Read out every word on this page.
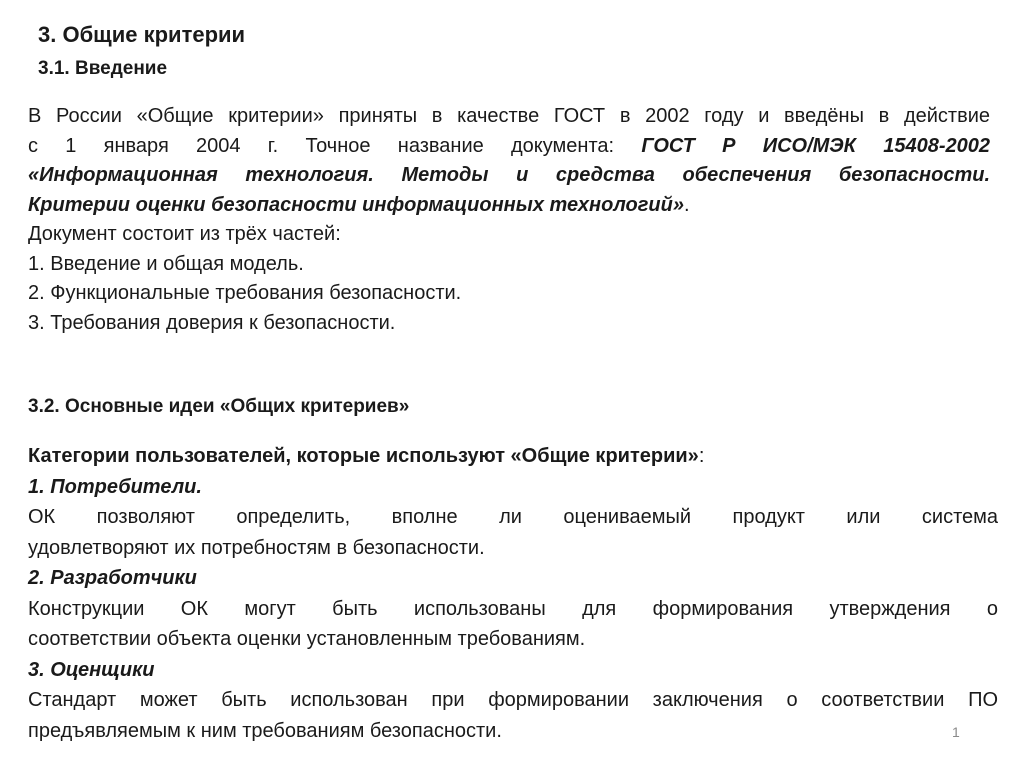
3. Общие критерии
3.1. Введение
В России «Общие критерии» приняты в качестве ГОСТ в 2002 году и введёны в действие
с 1 января 2004 г. Точное название документа: ГОСТ Р ИСО/МЭК 15408-2002
«Информационная технология. Методы и средства обеспечения безопасности.
Критерии оценки безопасности информационных технологий».
Документ состоит из трёх частей:
1. Введение и общая модель.
2. Функциональные требования безопасности.
3. Требования доверия к безопасности.
3.2. Основные идеи «Общих критериев»
Категории пользователей, которые используют «Общие критерии»:
1. Потребители.
ОК позволяют определить, вполне ли оцениваемый продукт или система
удовлетворяют их потребностям в безопасности.
2. Разработчики
Конструкции ОК могут быть использованы для формирования утверждения о
соответствии объекта оценки установленным требованиям.
3. Оценщики
Стандарт может быть использован при формировании заключения о соответствии ПО
предъявляемым к ним требованиям безопасности.	1
